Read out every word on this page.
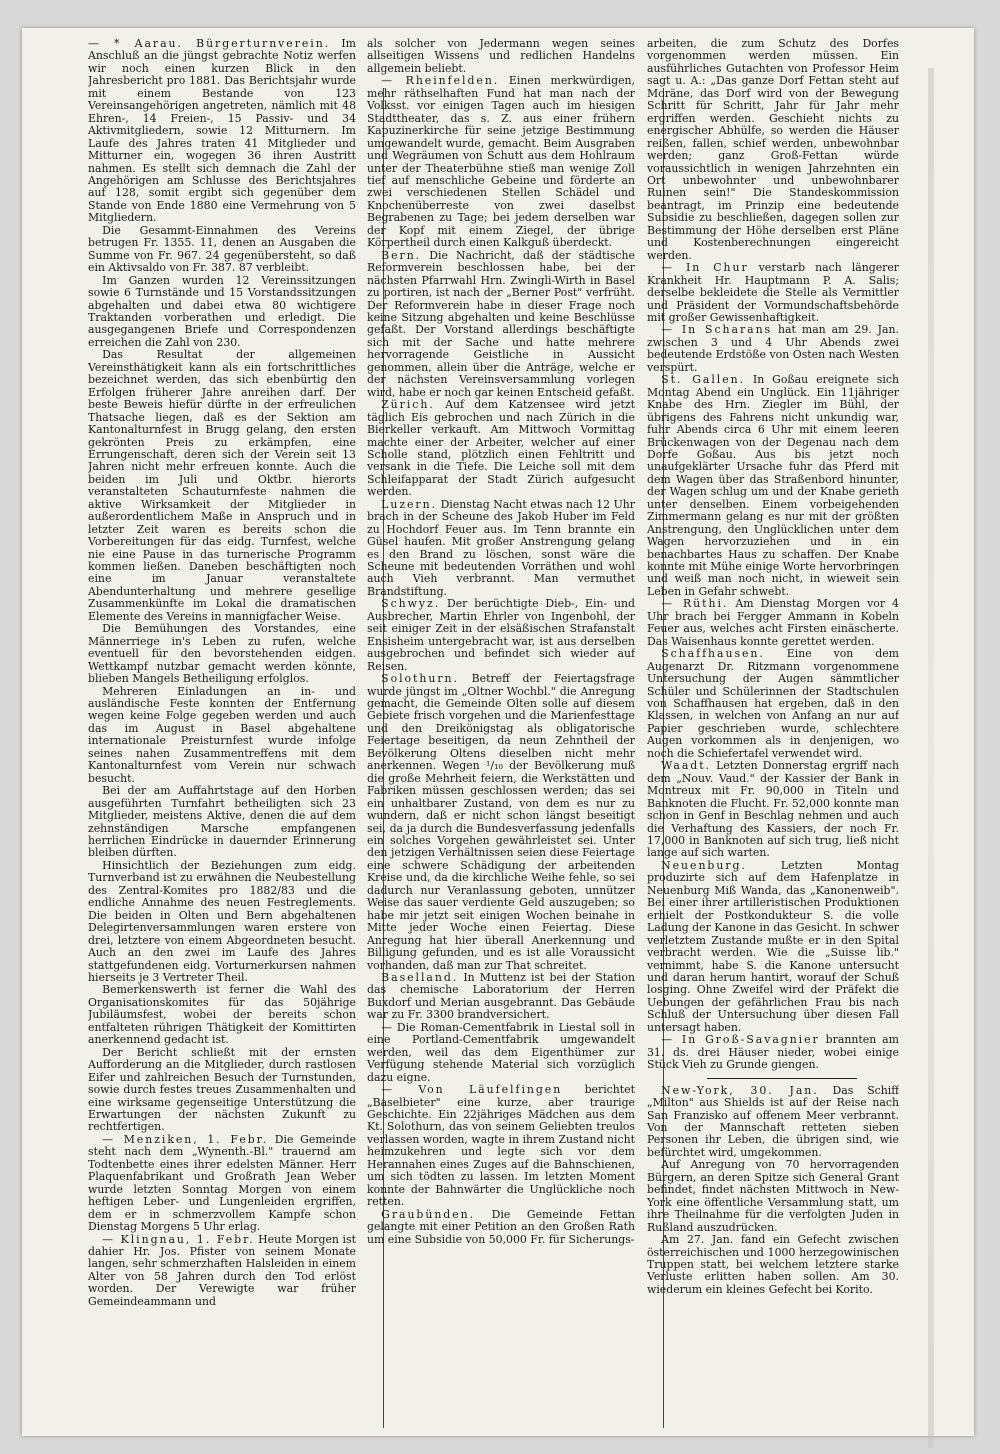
— * Aarau. Bürgerturnverein. Im Anschluß an die jüngst gebrachte Notiz werfen wir noch einen kurzen Blick in den Jahresbericht pro 1881. Das Berichtsjahr wurde mit einem Bestande von 123 Vereinsangehörigen angetreten, nämlich mit 48 Ehren-, 14 Freien-, 15 Passiv- und 34 Aktivmitgliedern, sowie 12 Mitturnern. Im Laufe des Jahres traten 41 Mitglieder und Mitturner ein, wogegen 36 ihren Austritt nahmen. Es stellt sich demnach die Zahl der Angehörigen am Schlusse des Berichtsjahres auf 128, somit ergibt sich gegenüber dem Stande von Ende 1880 eine Vermehrung von 5 Mitgliedern.

Die Gesammt-Einnahmen des Vereins betrugen Fr. 1355. 11, denen an Ausgaben die Summe von Fr. 967. 24 gegenübersteht, so daß ein Aktivsaldo von Fr. 387. 87 verbleibt.

Im Ganzen wurden 12 Vereinssitzungen sowie 6 Turnstände und 15 Vorstandssitzungen abgehalten und dabei etwa 80 wichtigere Traktanden vorberathen und erledigt. Die ausgegangenen Briefe und Correspondenzen erreichen die Zahl von 230.

Das Resultat der allgemeinen Vereinsthätigkeit kann als ein fortschrittliches bezeichnet werden, das sich ebenbürtig den Erfolgen früherer Jahre anreihen darf. Der beste Beweis hiefür dürfte in der erfreulichen Thatsache liegen, daß es der Sektion am Kantonalturnfest in Brugg gelang, den ersten gekrönten Preis zu erkämpfen, eine Errungenschaft, deren sich der Verein seit 13 Jahren nicht mehr erfreuen konnte. Auch die beiden im Juli und Oktbr. hierorts veranstalteten Schauturnfeste nahmen die aktive Wirksamkeit der Mitglieder in außerordentlichem Maße in Anspruch und in letzter Zeit waren es bereits schon die Vorbereitungen für das eidg. Turnfest, welche nie eine Pause in das turnerische Programm kommen ließen. Daneben beschäftigten noch eine im Januar veranstaltete Abendunterhaltung und mehrere gesellige Zusammenkünfte im Lokal die dramatischen Elemente des Vereins in mannigfacher Weise.

Die Bemühungen des Vorstandes, eine Männerriege in's Leben zu rufen, welche eventuell für den bevorstehenden eidgen. Wettkampf nutzbar gemacht werden könnte, blieben Mangels Betheiligung erfolglos.

Mehreren Einladungen an in- und ausländische Feste konnten der Entfernung wegen keine Folge gegeben werden und auch das im August in Basel abgehaltene internationale Preisturnfest wurde infolge seines nahen Zusammentreffens mit dem Kantonalturnfest vom Verein nur schwach besucht.

Bei der am Auffahrtstage auf den Horben ausgeführten Turnfahrt betheiligten sich 23 Mitglieder, meistens Aktive, denen die auf dem zehnständigen Marsche empfangenen herrlichen Eindrücke in dauernder Erinnerung bleiben dürften.

Hinsichtlich der Beziehungen zum eidg. Turnverband ist zu erwähnen die Neubestellung des Zentral-Komites pro 1882/83 und die endliche Annahme des neuen Festreglements. Die beiden in Olten und Bern abgehaltenen Delegirtenversammlungen waren erstere von drei, letztere von einem Abgeordneten besucht. Auch an den zwei im Laufe des Jahres stattgefundenen eidg. Vorturnerkursen nahmen hierseits je 3 Vertreter Theil.

Bemerkenswerth ist ferner die Wahl des Organisationskomites für das 50jährige Jubiläumsfest, wobei der bereits schon entfalteten rührigen Thätigkeit der Komittirten anerkennend gedacht ist.

Der Bericht schließt mit der ernsten Aufforderung an die Mitglieder, durch rastlosen Eifer und zahlreichen Besuch der Turnstunden, sowie durch festes treues Zusammenhalten und eine wirksame gegenseitige Unterstützung die Erwartungen der nächsten Zukunft zu rechtfertigen.

— Menziken, 1. Febr. Die Gemeinde steht nach dem „Wynenth.-Bl." trauernd am Todtenbette eines ihrer edelsten Männer. Herr Plaquenfabrikant und Großrath Jean Weber wurde letzten Sonntag Morgen von einem heftigen Leber- und Lungenleiden ergriffen, dem er in schmerzvollem Kampfe schon Dienstag Morgens 5 Uhr erlag.

— Klingnau, 1. Febr. Heute Morgen ist dahier Hr. Jos. Pfister von seinem Monate langen, sehr schmerzhaften Halsleiden in einem Alter von 58 Jahren durch den Tod erlöst worden. Der Verewigte war früher Gemeindeammann und

als solcher von Jedermann wegen seines allseitigen Wissens und redlichen Handelns allgemein beliebt.

— Rheinfelden. Einen merkwürdigen, mehr räthselhaften Fund hat man nach der Volksst. vor einigen Tagen auch im hiesigen Stadttheater, das s. Z. aus einer frühern Kapuzinerkirche für seine jetzige Bestimmung umgewandelt wurde, gemacht. Beim Ausgraben und Wegräumen von Schutt aus dem Hohlraum unter der Theaterbühne stieß man wenige Zoll tief auf menschliche Gebeine und förderte an zwei verschiedenen Stellen Schädel und Knochenüberreste von zwei daselbst Begrabenen zu Tage; bei jedem derselben war der Kopf mit einem Ziegel, der übrige Körpertheil durch einen Kalkguß überdeckt.

Bern. Die Nachricht, daß der städtische Reformverein beschlossen habe, bei der nächsten Pfarrwahl Hrn. Zwingli-Wirth in Basel zu portiren, ist nach der „Berner Post" verfrüht. Der Reformverein habe in dieser Frage noch keine Sitzung abgehalten und keine Beschlüsse gefaßt. Der Vorstand allerdings beschäftigte sich mit der Sache und hatte mehrere hervorragende Geistliche in Aussicht genommen, allein über die Anträge, welche er der nächsten Vereinsversammlung vorlegen wird, habe er noch gar keinen Entscheid gefaßt.

Zürich. Auf dem Katzensee wird jetzt täglich Eis gebrochen und nach Zürich in die Bierkeller verkauft. Am Mittwoch Vormittag machte einer der Arbeiter, welcher auf einer Scholle stand, plötzlich einen Fehltritt und versank in die Tiefe. Die Leiche soll mit dem Schleifapparat der Stadt Zürich aufgesucht werden.

Luzern. Dienstag Nacht etwas nach 12 Uhr brach in der Scheune des Jakob Huber im Feld zu Hochdorf Feuer aus. Im Tenn brannte ein Güsel haufen. Mit großer Anstrengung gelang es den Brand zu löschen, sonst wäre die Scheune mit bedeutenden Vorräthen und wohl auch Vieh verbrannt. Man vermuthet Brandstiftung.

Schwyz. Der berüchtigte Dieb-, Ein- und Ausbrecher, Martin Ehrler von Ingenbohl, der seit einiger Zeit in der elsäßischen Strafanstalt Ensisheim untergebracht war, ist aus derselben ausgebrochen und befindet sich wieder auf Reisen.

Solothurn. Betreff der Feiertagsfrage wurde jüngst im „Oltner Wochbl." die Anregung gemacht, die Gemeinde Olten solle auf diesem Gebiete frisch vorgehen und die Marienfesttage und den Dreikönigstag als obligatorische Feiertage beseitigen, da neun Zehntheil der Bevölkerung Oltens dieselben nicht mehr anerkennen. Wegen ¹/₁₀ der Bevölkerung muß die große Mehrheit feiern, die Werkstätten und Fabriken müssen geschlossen werden; das sei ein unhaltbarer Zustand, von dem es nur zu wundern, daß er nicht schon längst beseitigt sei, da ja durch die Bundesverfassung jedenfalls ein solches Vorgehen gewährleistet sei. Unter den jetzigen Verhältnissen seien diese Feiertage eine schwere Schädigung der arbeitenden Kreise und, da die kirchliche Weihe fehle, so sei dadurch nur Veranlassung geboten, unnützer Weise das sauer verdiente Geld auszugeben; so habe mir jetzt seit einigen Wochen beinahe in Mitte jeder Woche einen Feiertag. Diese Anregung hat hier überall Anerkennung und Billigung gefunden, und es ist alle Voraussicht vorhanden, daß man zur That schreitet.

Baselland. In Muttenz ist bei der Station das chemische Laboratorium der Herren Buxdorf und Merian ausgebrannt. Das Gebäude war zu Fr. 3300 brandversichert.

— Die Roman-Cementfabrik in Liestal soll in eine Portland-Cementfabrik umgewandelt werden, weil das dem Eigenthümer zur Verfügung stehende Material sich vorzüglich dazu eigne.

— Von Läufelfingen berichtet „Baselbieter" eine kurze, aber traurige Geschichte. Ein 22jähriges Mädchen aus dem Kt. Solothurn, das von seinem Geliebten treulos verlassen worden, wagte in ihrem Zustand nicht heimzukehren und legte sich vor dem Herannahen eines Zuges auf die Bahnschienen, um sich tödten zu lassen. Im letzten Moment konnte der Bahnwärter die Unglückliche noch retten.

Graubünden. Die Gemeinde Fettan gelangte mit einer Petition an den Großen Rath um eine Subsidie von 50,000 Fr. für Sicherungs-

arbeiten, die zum Schutz des Dorfes vorgenommen werden müssen. Ein ausführliches Gutachten von Professor Heim sagt u. A.: „Das ganze Dorf Fettan steht auf Moräne, das Dorf wird von der Bewegung Schritt für Schritt, Jahr für Jahr mehr ergriffen werden. Geschieht nichts zu energischer Abhülfe, so werden die Häuser reißen, fallen, schief werden, unbewohnbar werden; ganz Groß-Fettan würde voraussichtlich in wenigen Jahrzehnten ein Ort unbewohnter und unbewohnbarer Ruinen sein!" Die Standeskommission beantragt, im Prinzip eine bedeutende Subsidie zu beschließen, dagegen sollen zur Bestimmung der Höhe derselben erst Pläne und Kostenberechnungen eingereicht werden.

— In Chur verstarb nach längerer Krankheit Hr. Hauptmann P. A. Salis; derselbe bekleidete die Stelle als Vermittler und Präsident der Vormundschaftsbehörde mit großer Gewissenhaftigkeit.

— In Scharans hat man am 29. Jan. zwischen 3 und 4 Uhr Abends zwei bedeutende Erdstöße von Osten nach Westen verspürt.

St. Gallen. In Goßau ereignete sich Montag Abend ein Unglück. Ein 11jähriger Knabe des Hrn. Ziegler im Bühl, der übrigens des Fahrens nicht unkundig war, fuhr Abends circa 6 Uhr mit einem leeren Brückenwagen von der Degenau nach dem Dorfe Goßau. Aus bis jetzt noch unaufgeklärter Ursache fuhr das Pferd mit dem Wagen über das Straßenbord hinunter, der Wagen schlug um und der Knabe gerieth unter denselben. Einem vorbeigehenden Zimmermann gelang es nur mit der größten Anstrengung, den Unglücklichen unter dem Wagen hervorzuziehen und in ein benachbartes Haus zu schaffen. Der Knabe konnte mit Mühe einige Worte hervorbringen und weiß man noch nicht, in wieweit sein Leben in Gefahr schwebt.

— Rüthi. Am Dienstag Morgen vor 4 Uhr brach bei Fergger Ammann in Kobeln Feuer aus, welches acht Firsten einäscherte. Das Waisenhaus konnte gerettet werden.

Schaffhausen. Eine von dem Augenarzt Dr. Ritzmann vorgenommene Untersuchung der Augen sämmtlicher Schüler und Schülerinnen der Stadtschulen von Schaffhausen hat ergeben, daß in den Klassen, in welchen von Anfang an nur auf Papier geschrieben wurde, schlechtere Augen vorkommen als in denjenigen, wo noch die Schiefertafel verwendet wird.

Waadt. Letzten Donnerstag ergriff nach dem „Nouv. Vaud." der Kassier der Bank in Montreux mit Fr. 90,000 in Titeln und Banknoten die Flucht. Fr. 52,000 konnte man schon in Genf in Beschlag nehmen und auch die Verhaftung des Kassiers, der noch Fr. 17,000 in Banknoten auf sich trug, ließ nicht lange auf sich warten.

Neuenburg.	Letzten Montag produzirte sich auf dem Hafenplatze in Neuenburg Miß Wanda, das „Kanonenweib". Bei einer ihrer artilleristischen Produktionen erhielt der Postkondukteur S. die volle Ladung der Kanone in das Gesicht. In schwer verletztem Zustande mußte er in den Spital verbracht werden. Wie die „Suisse lib." vernimmt, habe S. die Kanone untersucht und daran herum hantirt, worauf der Schuß losging. Ohne Zweifel wird der Präfekt die Uebungen der gefährlichen Frau bis nach Schluß der Untersuchung über diesen Fall untersagt haben.

— In Groß-Savagnier brannten am 31. ds. drei Häuser nieder, wobei einige Stück Vieh zu Grunde giengen.

New-York, 30. Jan. Das Schiff „Milton" aus Shields ist auf der Reise nach San Franzisko auf offenem Meer verbrannt. Von der Mannschaft retteten sieben Personen ihr Leben, die übrigen sind, wie befürchtet wird, umgekommen.

Auf Anregung von 70 hervorragenden Bürgern, an deren Spitze sich General Grant befindet, findet nächsten Mittwoch in New-York eine öffentliche Versammlung statt, um ihre Theilnahme für die verfolgten Juden in Rußland auszudrücken.

Am 27. Jan. fand ein Gefecht zwischen österreichischen und 1000 herzegowinischen Truppen statt, bei welchem letztere starke Verluste erlitten haben sollen. Am 30. wiederum ein kleines Gefecht bei Korito.
